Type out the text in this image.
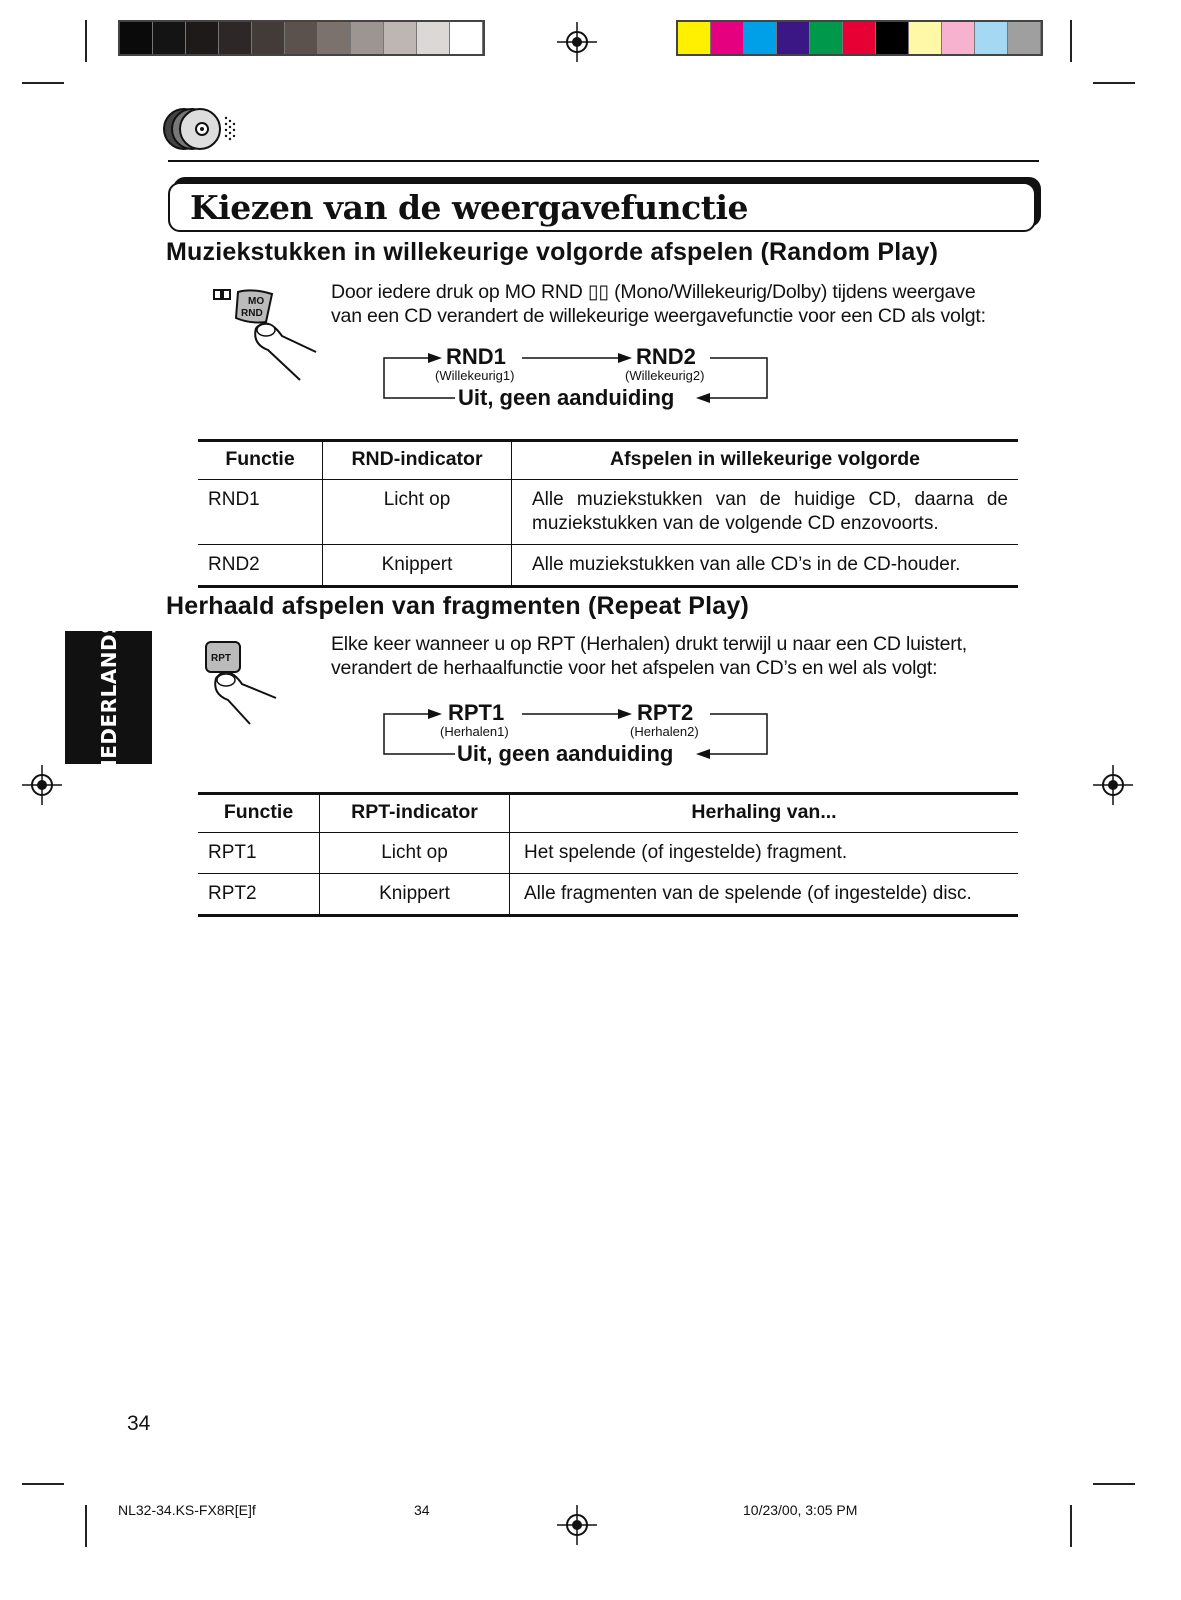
Kiezen van de weergavefunctie
Muziekstukken in willekeurige volgorde afspelen (Random Play)
MO
RND
Door iedere druk op MO RND ▯▯ (Mono/Willekeurig/Dolby) tijdens weergave
van een CD verandert de willekeurige weergavefunctie voor een CD als volgt:
RND1
(Willekeurig1)
RND2
(Willekeurig2)
Uit, geen aanduiding
Functie	RND-indicator	Afspelen in willekeurige volgorde
RND1	Licht op	Alle muziekstukken van de huidige CD, daarna de muziekstukken van de volgende CD enzovoorts.
RND2	Knippert	Alle muziekstukken van alle CD’s in de CD-houder.
Herhaald afspelen van fragmenten (Repeat Play)
RPT
Elke keer wanneer u op RPT (Herhalen) drukt terwijl u naar een CD luistert,
verandert de herhaalfunctie voor het afspelen van CD’s en wel als volgt:
RPT1
(Herhalen1)
RPT2
(Herhalen2)
Uit, geen aanduiding
Functie	RPT-indicator	Herhaling van...
RPT1	Licht op	Het spelende (of ingestelde) fragment.
RPT2	Knippert	Alle fragmenten van de spelende (of ingestelde) disc.
NEDERLANDS
34
NL32-34.KS-FX8R[E]f	34	10/23/00, 3:05 PM
